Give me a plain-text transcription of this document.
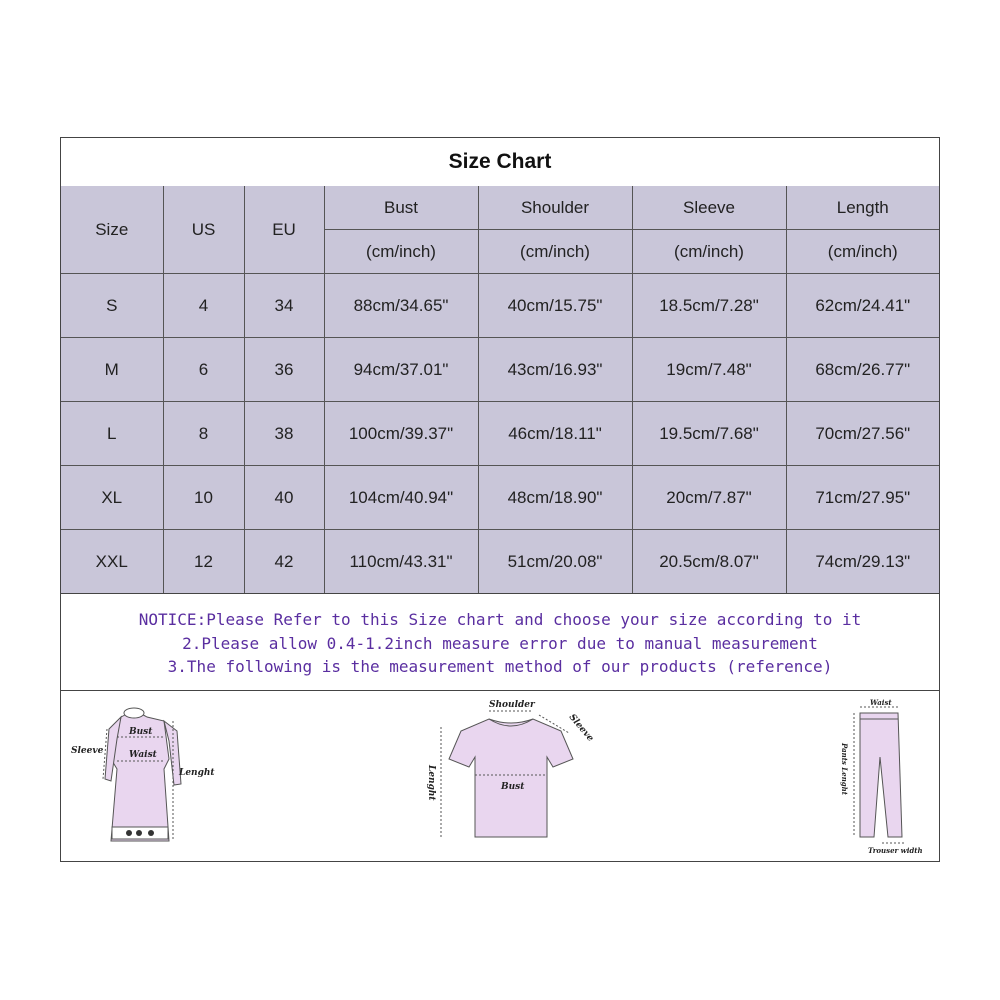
Size Chart
Size	US	EU	Bust	Shoulder	Sleeve	Length
			(cm/inch)	(cm/inch)	(cm/inch)	(cm/inch)
S	4	34	88cm/34.65"	40cm/15.75"	18.5cm/7.28"	62cm/24.41"
M	6	36	94cm/37.01"	43cm/16.93"	19cm/7.48"	68cm/26.77"
L	8	38	100cm/39.37"	46cm/18.11"	19.5cm/7.68"	70cm/27.56"
XL	10	40	104cm/40.94"	48cm/18.90"	20cm/7.87"	71cm/27.95"
XXL	12	42	110cm/43.31"	51cm/20.08"	20.5cm/8.07"	74cm/29.13"
NOTICE:Please Refer to this Size chart and choose your size according to it
2.Please allow 0.4-1.2inch measure error due to manual measurement
3.The following is the measurement method of our products (reference)
Sleeve
Bust
Waist
Lenght
Shoulder
Sleeve
Lenght	Bust
Waist
Pants Lenght
Trouser width
